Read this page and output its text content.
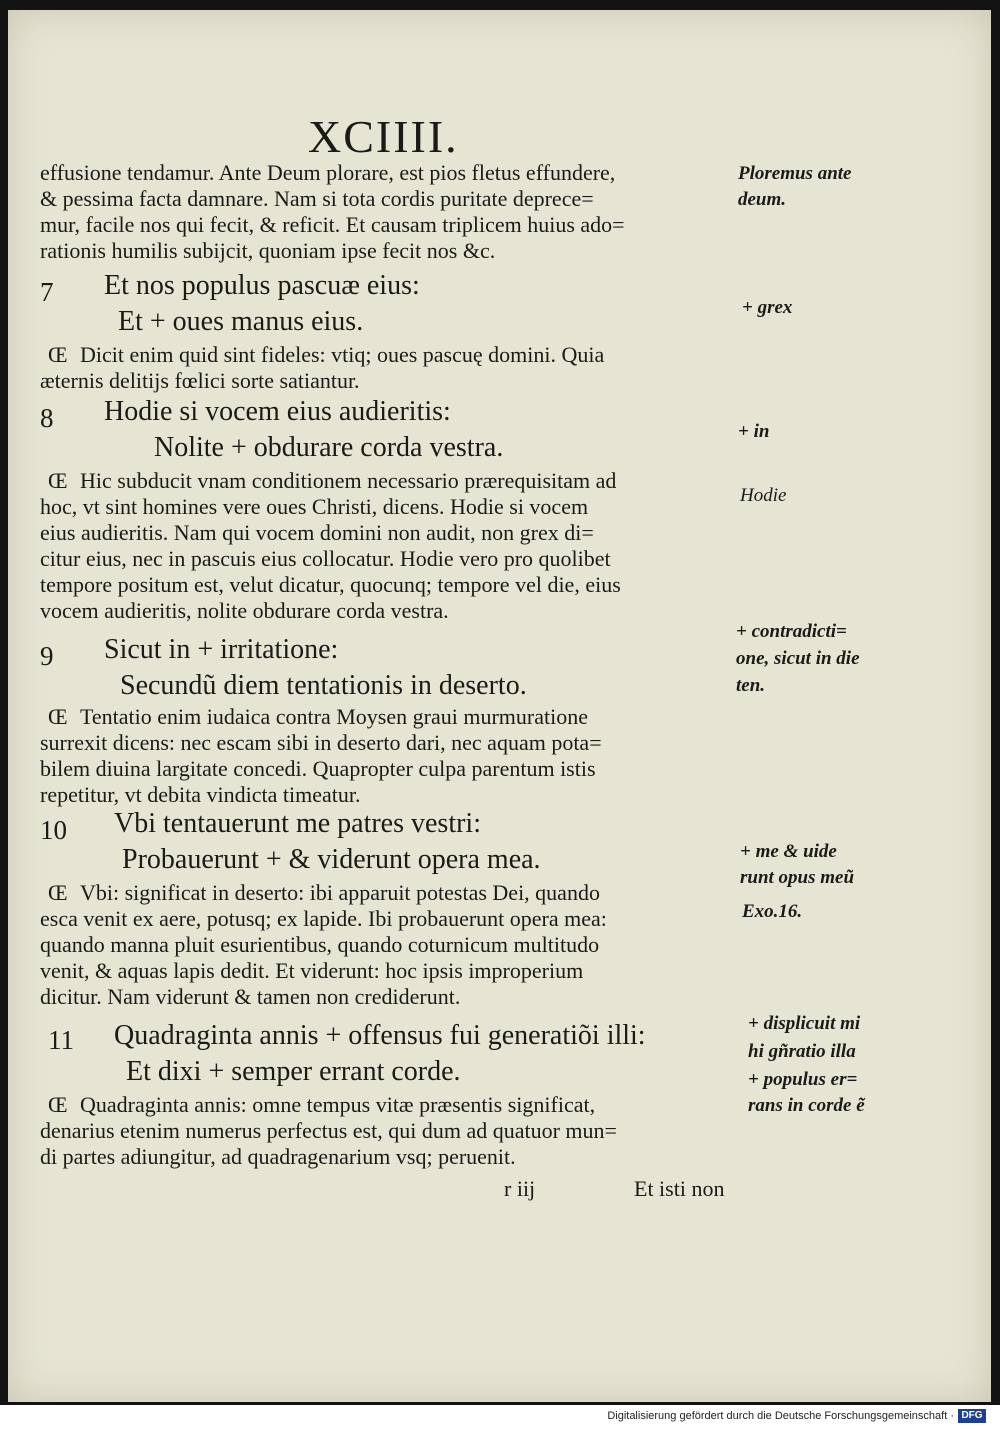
XCIIII.
effusione tendamur. Ante Deum plorare, est pios fletus effundere,
& pessima facta damnare. Nam si tota cordis puritate deprece=
mur, facile nos qui fecit, & reficit. Et causam triplicem huius ado=
rationis humilis subijcit, quoniam ipse fecit nos &c.
7 Et nos populus pascuæ eius:
Et + oues manus eius.
Œ Dicit enim quid sint fideles: vtiq; oues pascuę domini. Quia
æternis delitijs fœlici sorte satiantur.
8 Hodie si vocem eius audieritis:
Nolite + obdurare corda vestra.
Œ Hic subducit vnam conditionem necessario prærequisitam ad
hoc, vt sint homines vere oues Christi, dicens. Hodie si vocem
eius audieritis. Nam qui vocem domini non audit, non grex di=
citur eius, nec in pascuis eius collocatur. Hodie vero pro quolibet
tempore positum est, velut dicatur, quocunq; tempore vel die, eius
vocem audieritis, nolite obdurare corda vestra.
9 Sicut in + irritatione:
Secundũ diem tentationis in deserto.
Œ Tentatio enim iudaica contra Moysen graui murmuratione
surrexit dicens: nec escam sibi in deserto dari, nec aquam pota=
bilem diuina largitate concedi. Quapropter culpa parentum istis
repetitur, vt debita vindicta timeatur.
10 Vbi tentauerunt me patres vestri:
Probauerunt + & viderunt opera mea.
Œ Vbi: significat in deserto: ibi apparuit potestas Dei, quando
esca venit ex aere, potusq; ex lapide. Ibi probauerunt opera mea:
quando manna pluit esurientibus, quando coturnicum multitudo
venit, & aquas lapis dedit. Et viderunt: hoc ipsis improperium
dicitur. Nam viderunt & tamen non crediderunt.
11 Quadraginta annis + offensus fui generatiõi illi:
Et dixi + semper errant corde.
Œ Quadraginta annis: omne tempus vitæ præsentis significat,
denarius etenim numerus perfectus est, qui dum ad quatuor mun=
di partes adiungitur, ad quadragenarium vsq; peruenit.
r iij	Et isti non
Ploremus ante
deum.
+ grex
+ in
Hodie
+ contradicti=
one, sicut in die
ten.
+ me & uide
runt opus meũ
Exo.16.
+ displicuit mi
hi gñratio illa
+ populus er=
rans in corde ẽ
Digitalisierung gefördert durch die Deutsche Forschungsgemeinschaft · DFG
